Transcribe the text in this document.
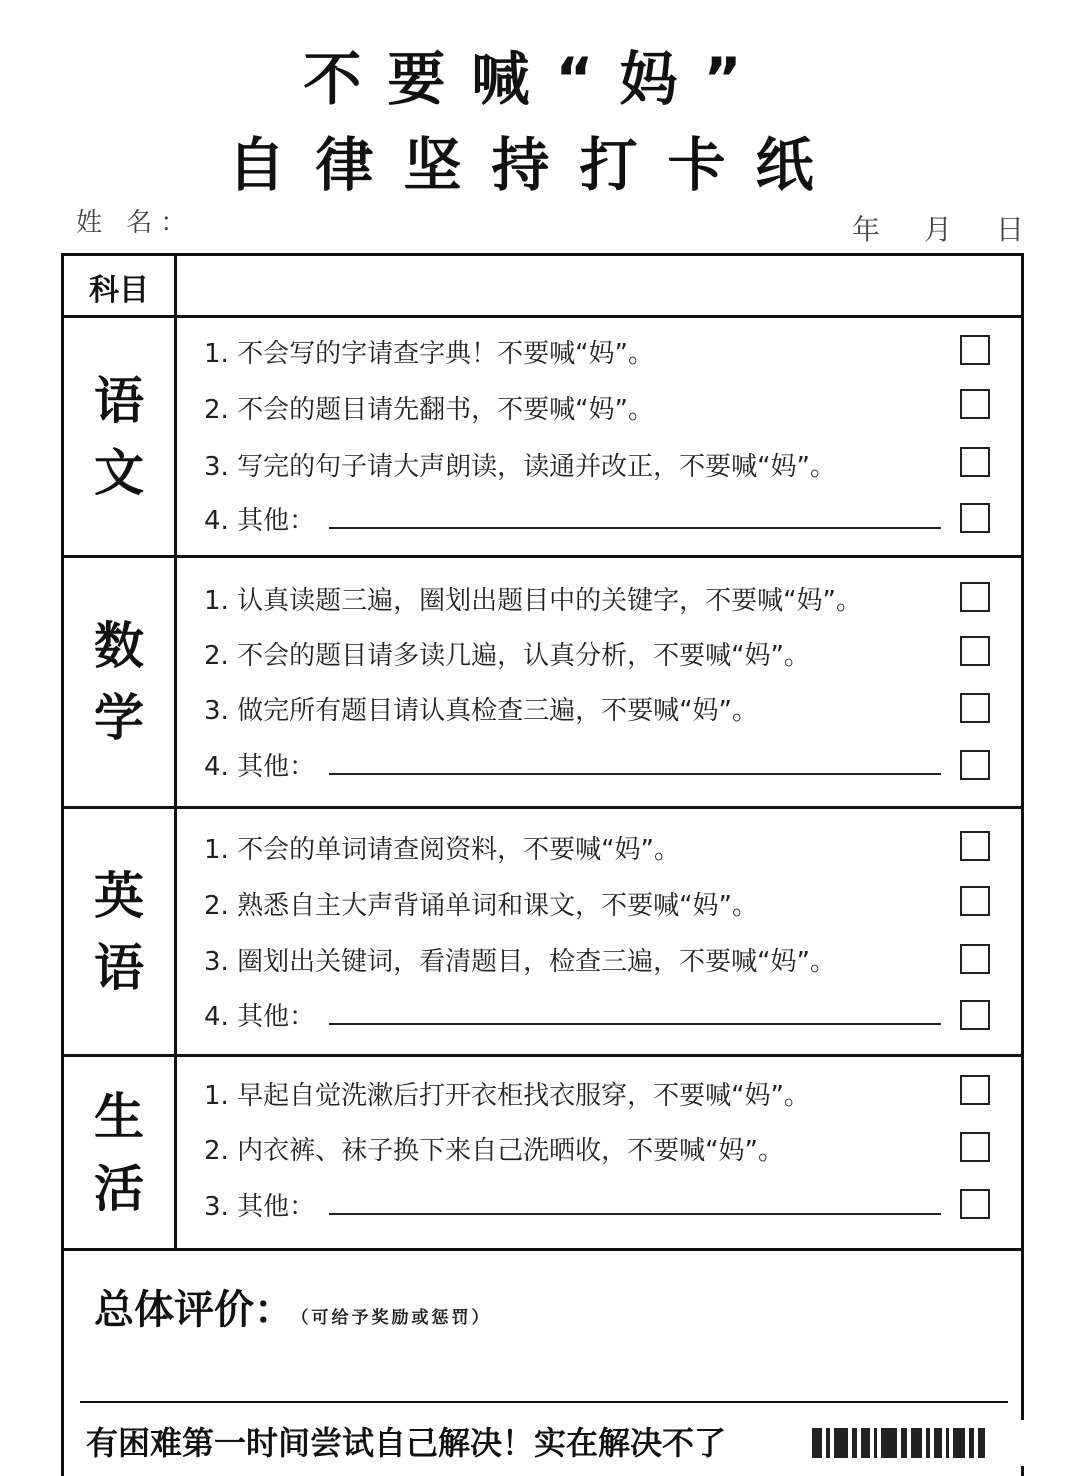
不要喊“妈”
自律坚持打卡纸
姓 名：	年 月 日
科目
语
文
1. 不会写的字请查字典！不要喊“妈”。
2. 不会的题目请先翻书，不要喊“妈”。
3. 写完的句子请大声朗读，读通并改正，不要喊“妈”。
4. 其他：
数
学
1. 认真读题三遍，圈划出题目中的关键字，不要喊“妈”。
2. 不会的题目请多读几遍，认真分析，不要喊“妈”。
3. 做完所有题目请认真检查三遍，不要喊“妈”。
4. 其他：
英
语
1. 不会的单词请查阅资料，不要喊“妈”。
2. 熟悉自主大声背诵单词和课文，不要喊“妈”。
3. 圈划出关键词，看清题目，检查三遍，不要喊“妈”。
4. 其他：
生
活
1. 早起自觉洗漱后打开衣柜找衣服穿，不要喊“妈”。
2. 内衣裤、袜子换下来自己洗晒收，不要喊“妈”。
3. 其他：
总体评价： （可给予奖励或惩罚）
有困难第一时间尝试自己解决！实在解决不了
